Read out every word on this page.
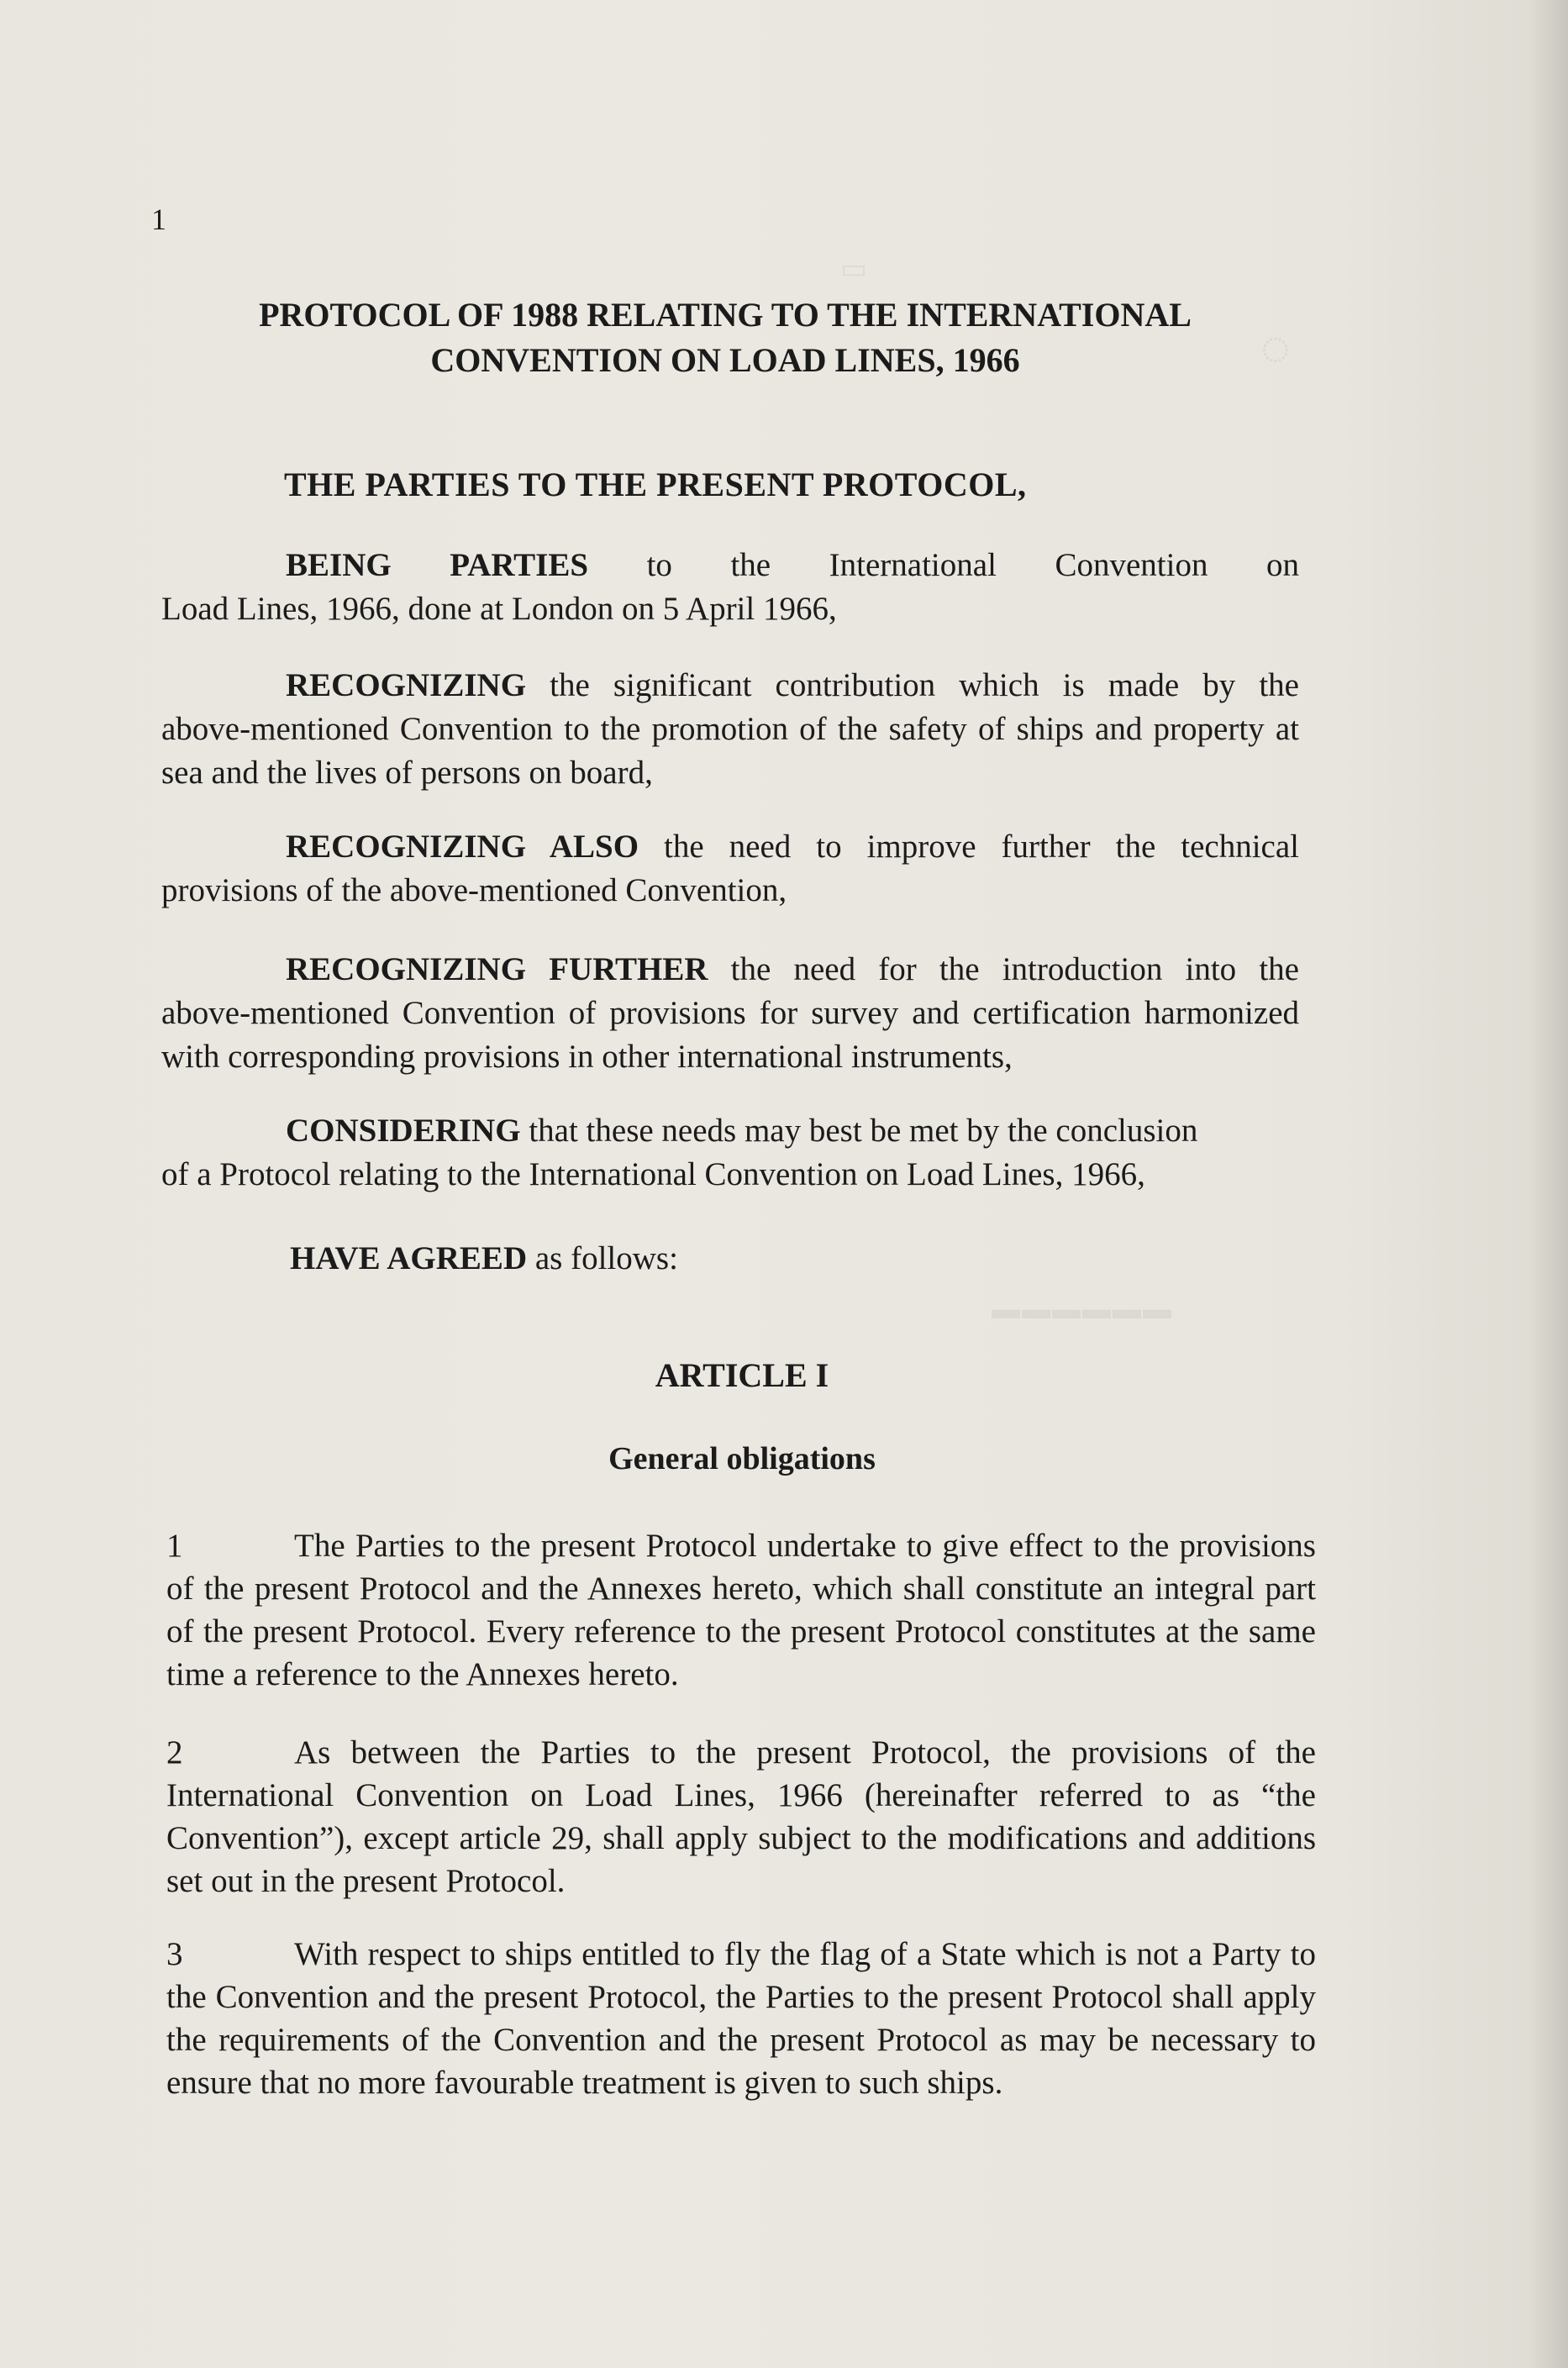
▭
◌
▬▬▬▬▬▬
1
PROTOCOL OF 1988 RELATING TO THE INTERNATIONAL
CONVENTION ON LOAD LINES, 1966
THE PARTIES TO THE PRESENT PROTOCOL,
BEING PARTIES to the International Convention on
Load Lines, 1966, done at London on 5 April 1966,
RECOGNIZING the significant contribution which is made by the
above-mentioned Convention to the promotion of the safety of ships and property at sea and the lives of persons on board,
RECOGNIZING ALSO the need to improve further the technical
provisions of the above-mentioned Convention,
RECOGNIZING FURTHER the need for the introduction into the
above-mentioned Convention of provisions for survey and certification harmonized with corresponding provisions in other international instruments,
CONSIDERING that these needs may best be met by the conclusion
of a Protocol relating to the International Convention on Load Lines, 1966,
HAVE AGREED as follows:
ARTICLE I
General obligations
1	The Parties to the present Protocol undertake to give effect to the provisions of the present Protocol and the Annexes hereto, which shall constitute an integral part of the present Protocol. Every reference to the present Protocol constitutes at the same time a reference to the Annexes hereto.
2	As between the Parties to the present Protocol, the provisions of the International Convention on Load Lines, 1966 (hereinafter referred to as “the Convention”), except article 29, shall apply subject to the modifications and additions set out in the present Protocol.
3	With respect to ships entitled to fly the flag of a State which is not a Party to the Convention and the present Protocol, the Parties to the present Protocol shall apply the requirements of the Convention and the present Protocol as may be necessary to ensure that no more favourable treatment is given to such ships.
